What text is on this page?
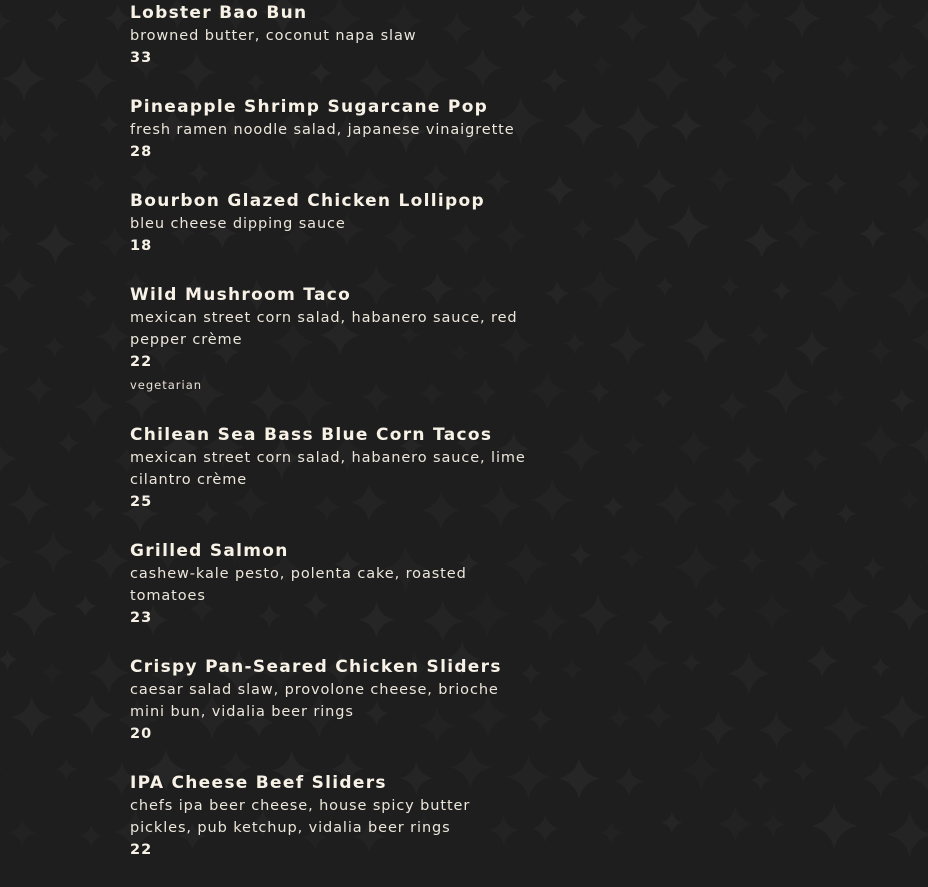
Lobster Bao Bun
browned butter, coconut napa slaw
33
Pineapple Shrimp Sugarcane Pop
fresh ramen noodle salad, japanese vinaigrette
28
Bourbon Glazed Chicken Lollipop
bleu cheese dipping sauce
18
Wild Mushroom Taco
mexican street corn salad, habanero sauce, red pepper crème
22
vegetarian
Chilean Sea Bass Blue Corn Tacos
mexican street corn salad, habanero sauce, lime cilantro crème
25
Grilled Salmon
cashew-kale pesto, polenta cake, roasted tomatoes
23
Crispy Pan-Seared Chicken Sliders
caesar salad slaw, provolone cheese, brioche mini bun, vidalia beer rings
20
IPA Cheese Beef Sliders
chefs ipa beer cheese, house spicy butter pickles, pub ketchup, vidalia beer rings
22
